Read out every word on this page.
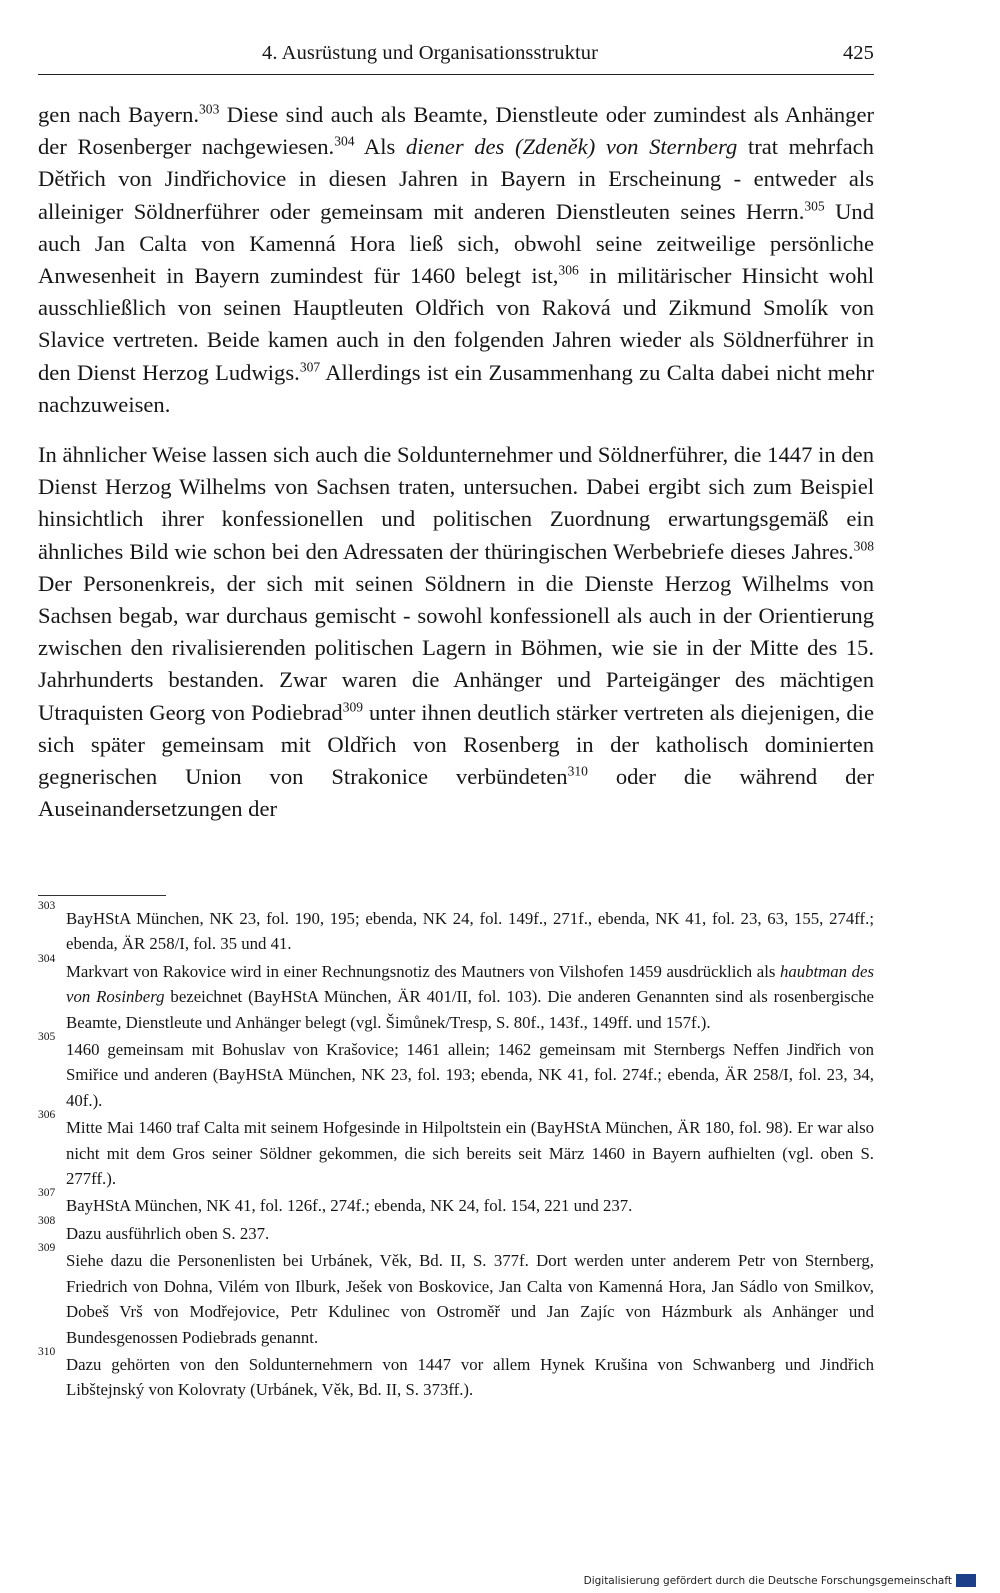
4. Ausrüstung und Organisationsstruktur	425

gen nach Bayern.$^{303}$ Diese sind auch als Beamte, Dienstleute oder zumindest als Anhänger der Rosenberger nachgewiesen.$^{304}$ Als diener des (Zdeněk) von Sternberg trat mehrfach Dětřich von Jindřichovice in diesen Jahren in Bayern in Erscheinung - entweder als alleiniger Söldnerführer oder gemeinsam mit anderen Dienstleuten seines Herrn.$^{305}$ Und auch Jan Calta von Kamenná Hora ließ sich, obwohl seine zeitweilige persönliche Anwesenheit in Bayern zumindest für 1460 belegt ist,$^{306}$ in militärischer Hinsicht wohl ausschließlich von seinen Hauptleuten Oldřich von Raková und Zikmund Smolík von Slavice vertreten. Beide kamen auch in den folgenden Jahren wieder als Söldnerführer in den Dienst Herzog Ludwigs.$^{307}$ Allerdings ist ein Zusammenhang zu Calta dabei nicht mehr nachzuweisen.

In ähnlicher Weise lassen sich auch die Soldunternehmer und Söldnerführer, die 1447 in den Dienst Herzog Wilhelms von Sachsen traten, untersuchen. Dabei ergibt sich zum Beispiel hinsichtlich ihrer konfessionellen und politischen Zuordnung erwartungsgemäß ein ähnliches Bild wie schon bei den Adressaten der thüringischen Werbebriefe dieses Jahres.$^{308}$ Der Personenkreis, der sich mit seinen Söldnern in die Dienste Herzog Wilhelms von Sachsen begab, war durchaus gemischt - sowohl konfessionell als auch in der Orientierung zwischen den rivalisierenden politischen Lagern in Böhmen, wie sie in der Mitte des 15. Jahrhunderts bestanden. Zwar waren die Anhänger und Parteigänger des mächtigen Utraquisten Georg von Podiebrad$^{309}$ unter ihnen deutlich stärker vertreten als diejenigen, die sich später gemeinsam mit Oldřich von Rosenberg in der katholisch dominierten gegnerischen Union von Strakonice verbündeten$^{310}$ oder die während der Auseinandersetzungen der

303
BayHStA München, NK 23, fol. 190, 195; ebenda, NK 24, fol. 149f., 271f., ebenda, NK 41, fol. 23, 63, 155, 274ff.; ebenda, ÄR 258/I, fol. 35 und 41.
304
Markvart von Rakovice wird in einer Rechnungsnotiz des Mautners von Vilshofen 1459 ausdrücklich als haubtman des von Rosinberg bezeichnet (BayHStA München, ÄR 401/II, fol. 103). Die anderen Genannten sind als rosenbergische Beamte, Dienstleute und Anhänger belegt (vgl. Šimůnek/Tresp, S. 80f., 143f., 149ff. und 157f.).
305
1460 gemeinsam mit Bohuslav von Krašovice; 1461 allein; 1462 gemeinsam mit Sternbergs Neffen Jindřich von Smiřice und anderen (BayHStA München, NK 23, fol. 193; ebenda, NK 41, fol. 274f.; ebenda, ÄR 258/I, fol. 23, 34, 40f.).
306
Mitte Mai 1460 traf Calta mit seinem Hofgesinde in Hilpoltstein ein (BayHStA München, ÄR 180, fol. 98). Er war also nicht mit dem Gros seiner Söldner gekommen, die sich bereits seit März 1460 in Bayern aufhielten (vgl. oben S. 277ff.).
307
BayHStA München, NK 41, fol. 126f., 274f.; ebenda, NK 24, fol. 154, 221 und 237.
308
Dazu ausführlich oben S. 237.
309
Siehe dazu die Personenlisten bei Urbánek, Věk, Bd. II, S. 377f. Dort werden unter anderem Petr von Sternberg, Friedrich von Dohna, Vilém von Ilburk, Ješek von Boskovice, Jan Calta von Kamenná Hora, Jan Sádlo von Smilkov, Dobeš Vrš von Modřejovice, Petr Kdulinec von Ostroměř und Jan Zajíc von Házmburk als Anhänger und Bundesgenossen Podiebrads genannt.
310
Dazu gehörten von den Soldunternehmern von 1447 vor allem Hynek Krušina von Schwanberg und Jindřich Libštejnský von Kolovraty (Urbánek, Věk, Bd. II, S. 373ff.).
Digitalisierung gefördert durch die Deutsche Forschungsgemeinschaft
